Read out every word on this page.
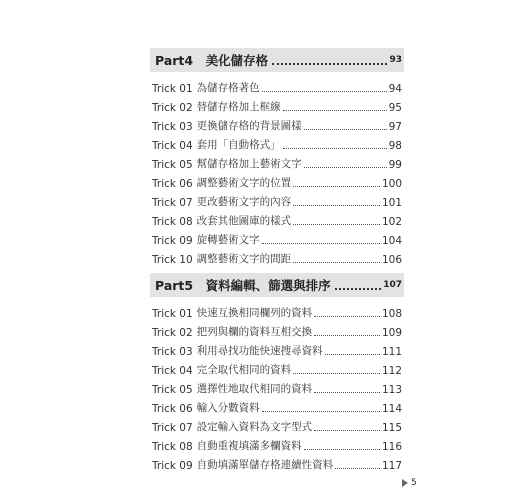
Part4　美化儲存格	93
Trick 01 為儲存格著色	94
Trick 02 替儲存格加上框線	95
Trick 03 更換儲存格的背景圖樣	97
Trick 04 套用「自動格式」	98
Trick 05 幫儲存格加上藝術文字	99
Trick 06 調整藝術文字的位置	100
Trick 07 更改藝術文字的內容	101
Trick 08 改套其他圖庫的樣式	102
Trick 09 旋轉藝術文字	104
Trick 10 調整藝術文字的間距	106
Part5　資料編輯、篩選與排序	107
Trick 01 快速互換相同欄列的資料	108
Trick 02 把列與欄的資料互相交換	109
Trick 03 利用尋找功能快速搜尋資料	111
Trick 04 完全取代相同的資料	112
Trick 05 選擇性地取代相同的資料	113
Trick 06 輸入分數資料	114
Trick 07 設定輸入資料為文字型式	115
Trick 08 自動重複填滿多欄資料	116
Trick 09 自動填滿單儲存格連續性資料	117
5
